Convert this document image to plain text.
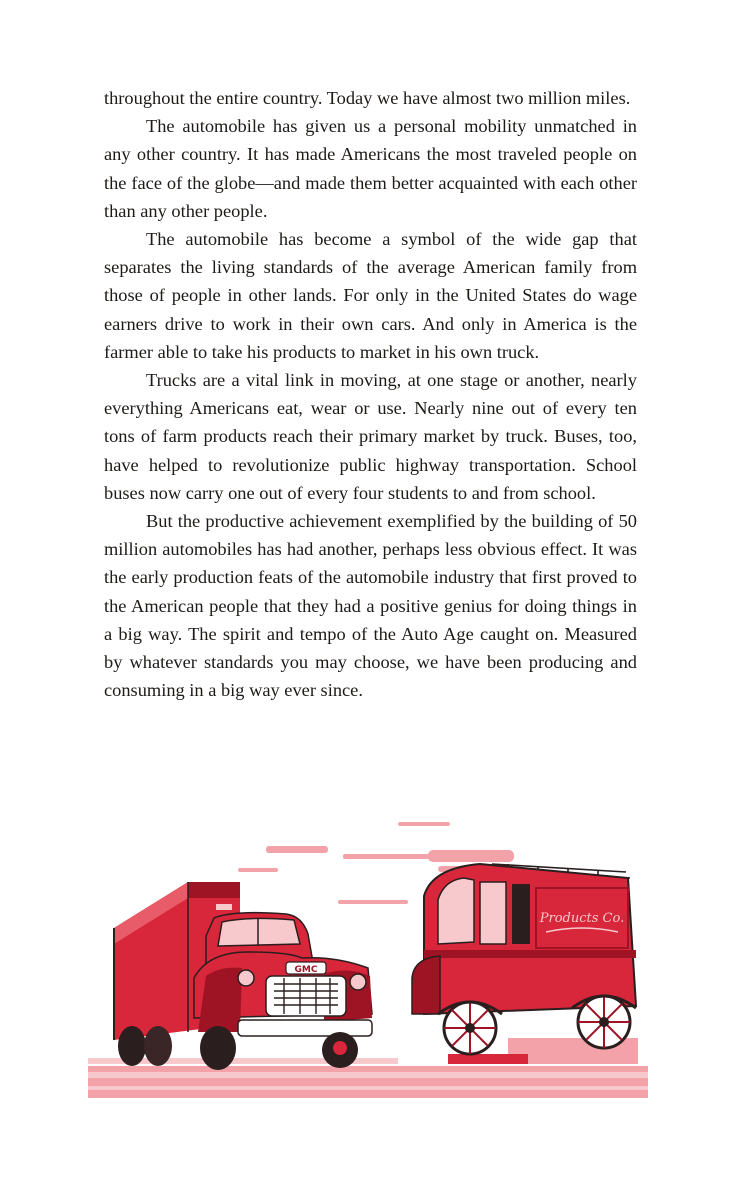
throughout the entire country. Today we have almost two million miles.

The automobile has given us a personal mobility unmatched in any other country. It has made Americans the most traveled people on the face of the globe—and made them better acquainted with each other than any other people.

The automobile has become a symbol of the wide gap that separates the living standards of the average American family from those of people in other lands. For only in the United States do wage earners drive to work in their own cars. And only in America is the farmer able to take his products to market in his own truck.

Trucks are a vital link in moving, at one stage or another, nearly everything Americans eat, wear or use. Nearly nine out of every ten tons of farm products reach their primary market by truck. Buses, too, have helped to revolutionize public highway transportation. School buses now carry one out of every four students to and from school.

But the productive achievement exemplified by the building of 50 million automobiles has had another, perhaps less obvious effect. It was the early production feats of the automobile industry that first proved to the American people that they had a positive genius for doing things in a big way. The spirit and tempo of the Auto Age caught on. Measured by whatever standards you may choose, we have been producing and consuming in a big way ever since.

GMC
Products Co.
